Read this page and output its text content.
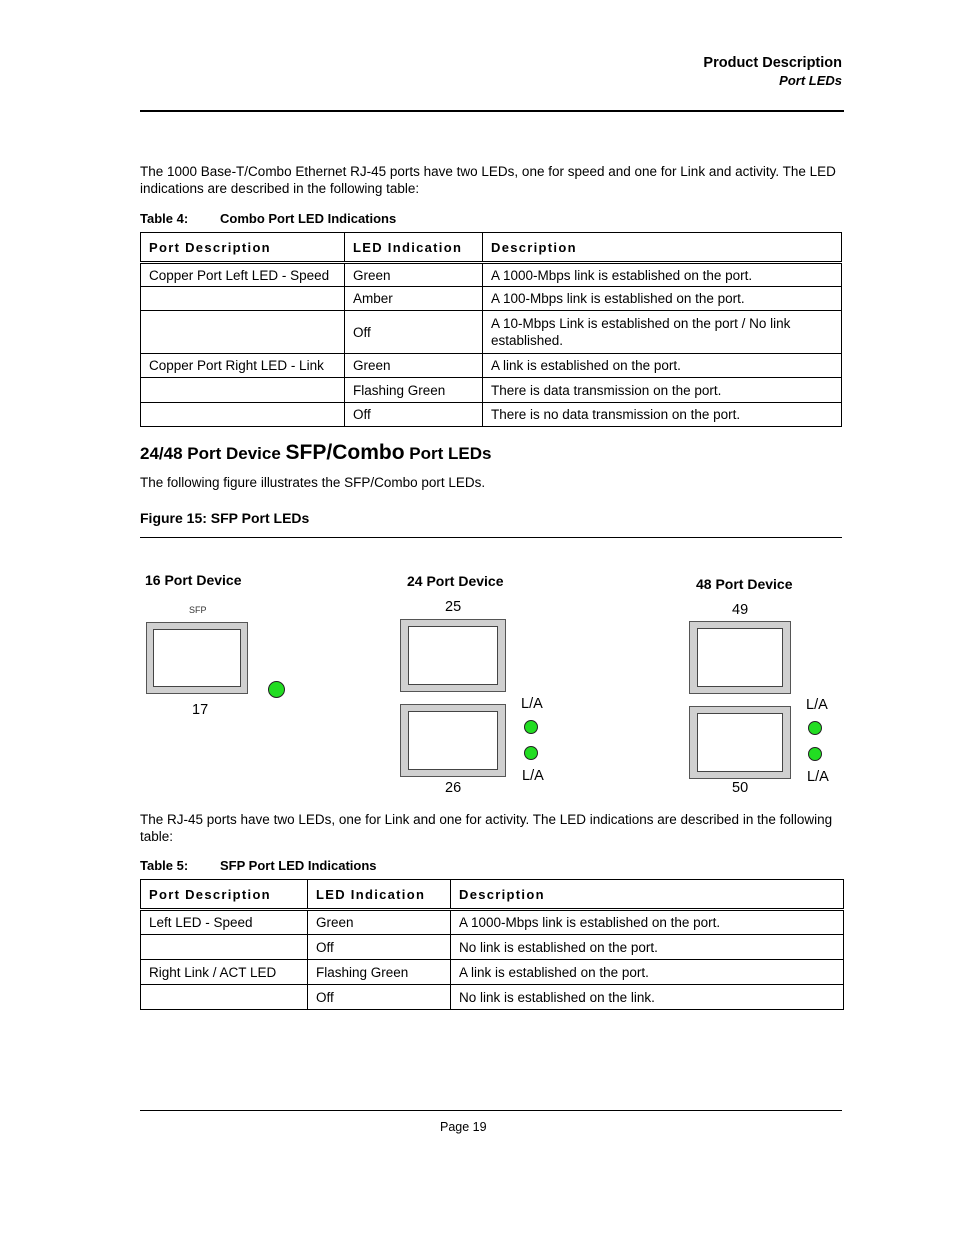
Product Description
Port LEDs
The 1000 Base-T/Combo Ethernet RJ-45 ports have two LEDs, one for speed and one for Link and activity. The LED indications are described in the following table:
Table 4: Combo Port LED Indications
Port Description	LED Indication	Description
Copper Port Left LED - Speed	Green	A 1000-Mbps link is established on the port.
	Amber	A 100-Mbps link is established on the port.
	Off	A 10-Mbps Link is established on the port / No link established.
Copper Port Right LED - Link	Green	A link is established on the port.
	Flashing Green	There is data transmission on the port.
	Off	There is no data transmission on the port.
24/48 Port Device SFP/Combo Port LEDs
The following figure illustrates the SFP/Combo port LEDs.
Figure 15: SFP Port LEDs
16 Port Device
SFP
17
24 Port Device
25
L/A
L/A
26
48 Port Device
49
L/A
L/A
50
The RJ-45 ports have two LEDs, one for Link and one for activity. The LED indications are described in the following table:
Table 5: SFP Port LED Indications
Port Description	LED Indication	Description
Left LED - Speed	Green	A 1000-Mbps link is established on the port.
	Off	No link is established on the port.
Right Link / ACT LED	Flashing Green	A link is established on the port.
	Off	No link is established on the link.
Page 19
